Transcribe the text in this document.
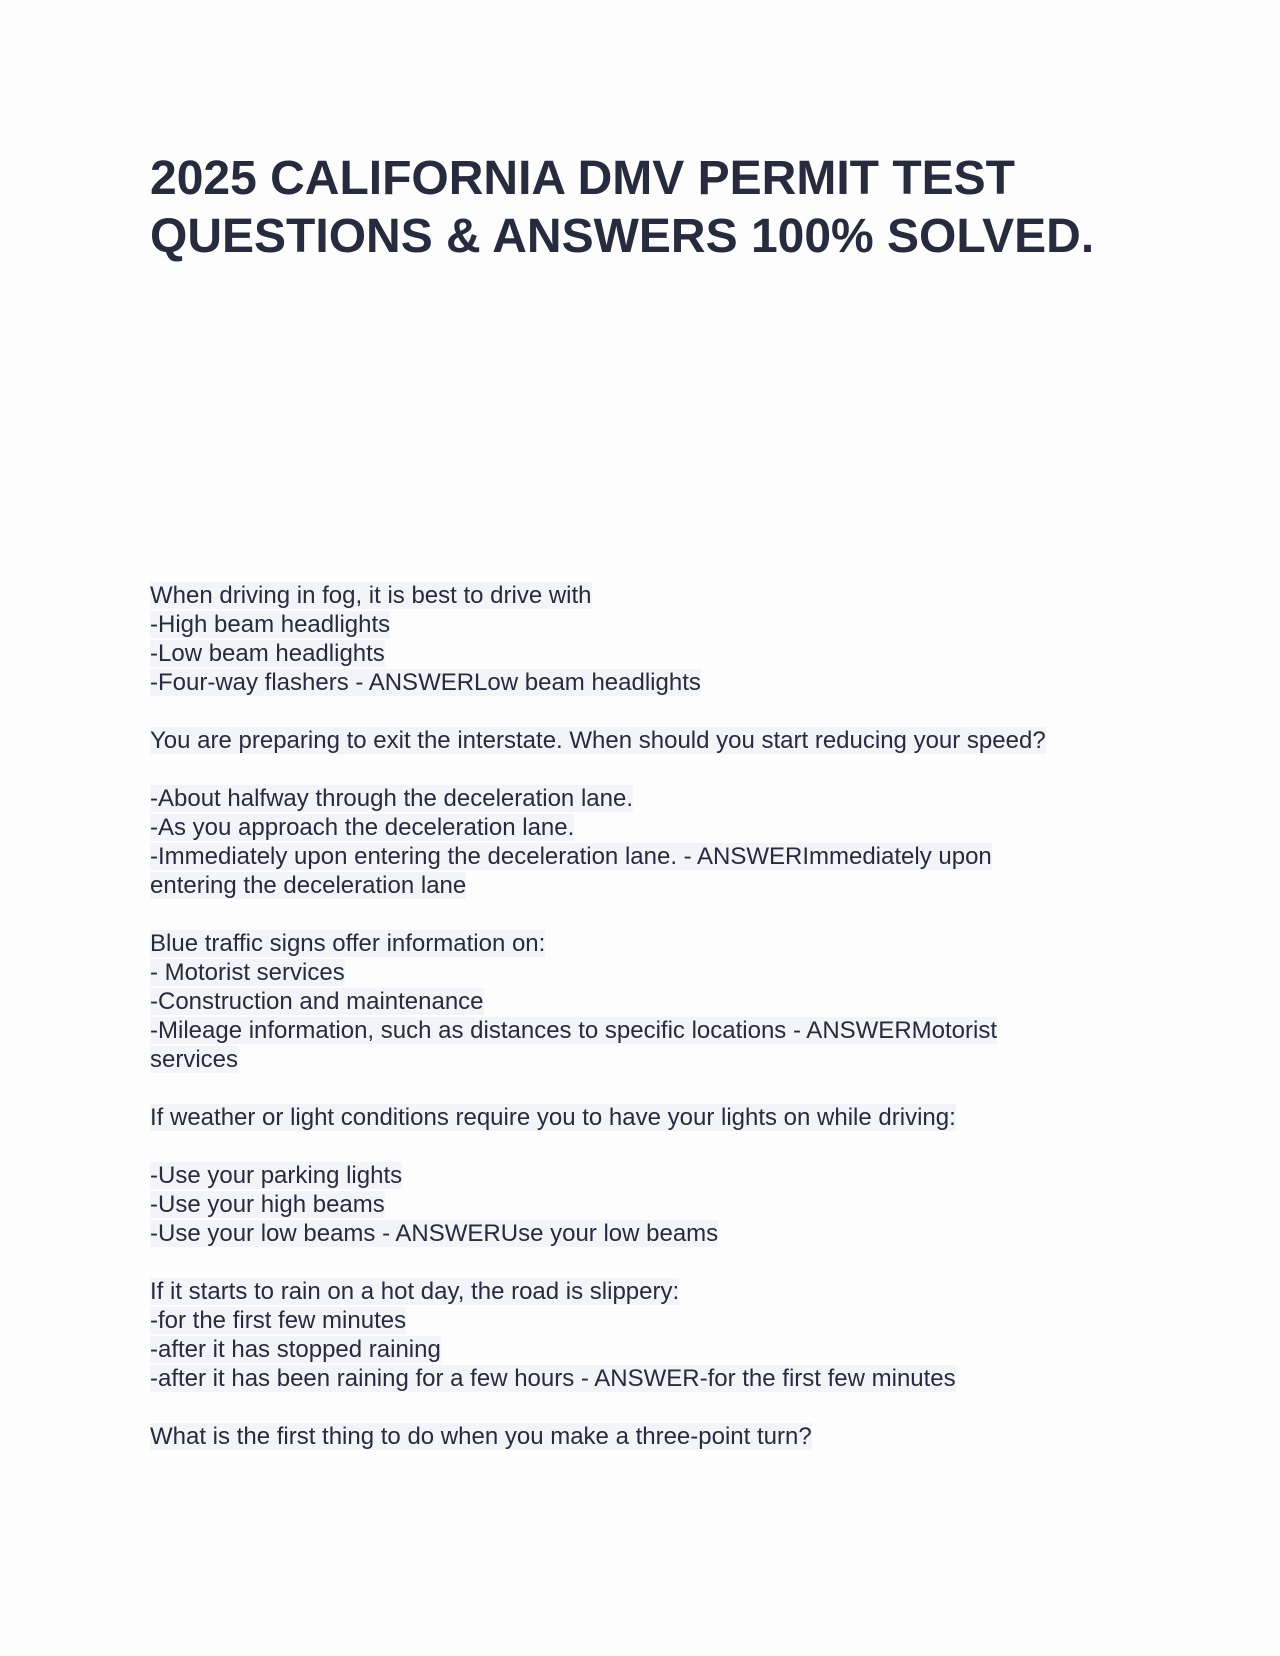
2025 CALIFORNIA DMV PERMIT TEST QUESTIONS & ANSWERS 100% SOLVED.
When driving in fog, it is best to drive with
-High beam headlights
-Low beam headlights
-Four-way flashers - ANSWERLow beam headlights
You are preparing to exit the interstate. When should you start reducing your speed?
-About halfway through the deceleration lane.
-As you approach the deceleration lane.
-Immediately upon entering the deceleration lane. - ANSWERImmediately upon
entering the deceleration lane
Blue traffic signs offer information on:
- Motorist services
-Construction and maintenance
-Mileage information, such as distances to specific locations - ANSWERMotorist
services
If weather or light conditions require you to have your lights on while driving:
-Use your parking lights
-Use your high beams
-Use your low beams - ANSWERUse your low beams
If it starts to rain on a hot day, the road is slippery:
-for the first few minutes
-after it has stopped raining
-after it has been raining for a few hours - ANSWER-for the first few minutes
What is the first thing to do when you make a three-point turn?
